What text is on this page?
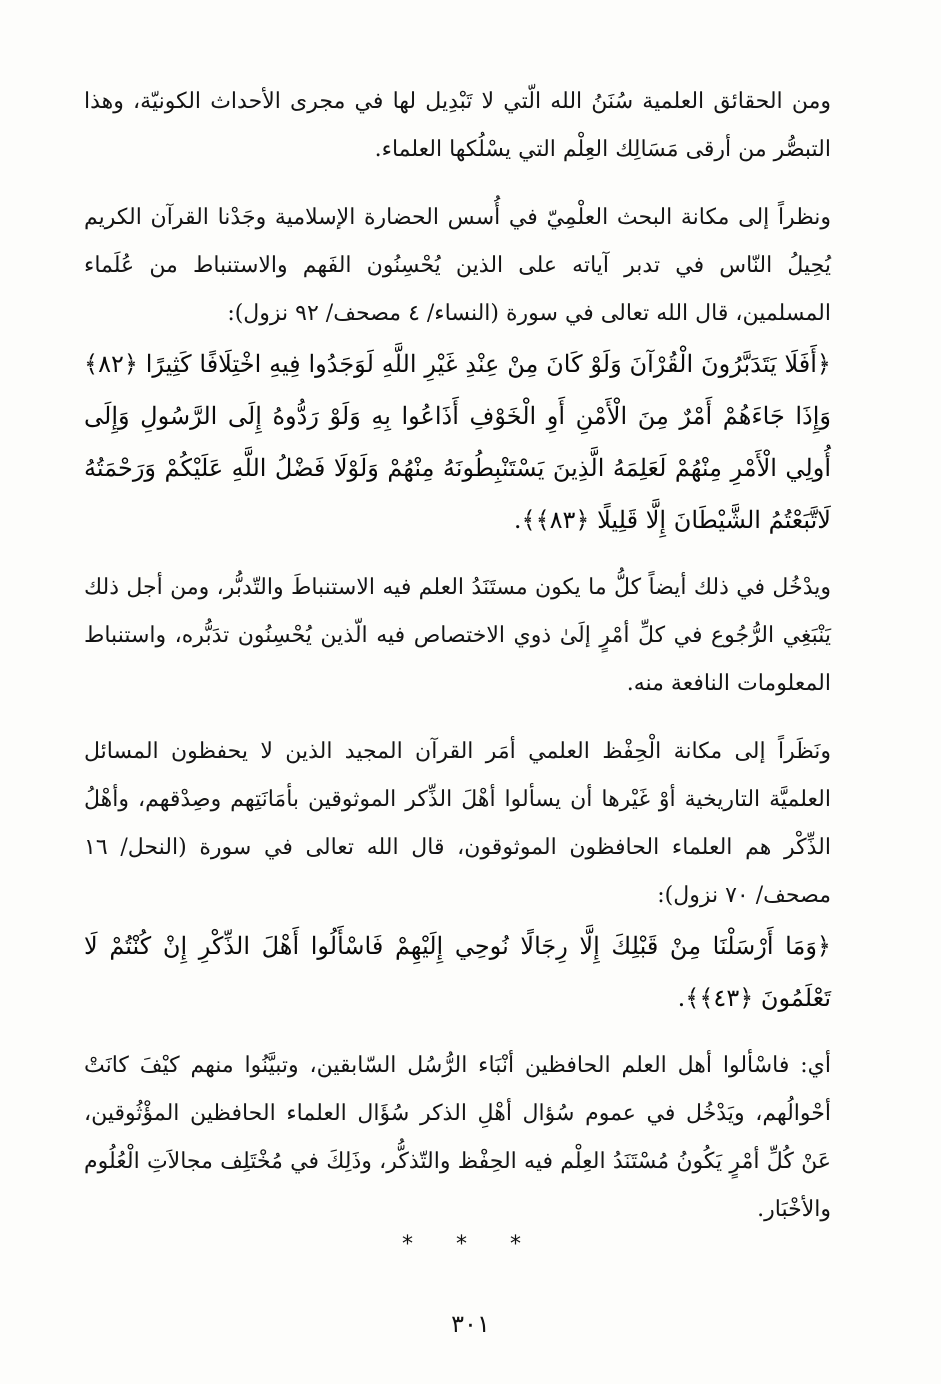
ومن الحقائق العلمية سُنَنُ الله الّتي لا تَبْدِيل لها في مجرى الأحداث الكونيّة، وهذا التبصُّر من أرقى مَسَالِك العِلْم التي يسْلُكها العلماء.

ونظراً إلى مكانة البحث العلْمِيّ في أُسس الحضارة الإسلامية وجَدْنا القرآن الكريم يُحِيلُ النّاس في تدبر آياته على الذين يُحْسِنُون الفَهم والاستنباط من عُلَماء المسلمين، قال الله تعالى في سورة (النساء/ ٤ مصحف/ ٩٢ نزول):

﴿أَفَلَا يَتَدَبَّرُونَ الْقُرْآنَ وَلَوْ كَانَ مِنْ عِنْدِ غَيْرِ اللَّهِ لَوَجَدُوا فِيهِ اخْتِلَافًا كَثِيرًا ﴿٨٢﴾ وَإِذَا جَاءَهُمْ أَمْرٌ مِنَ الْأَمْنِ أَوِ الْخَوْفِ أَذَاعُوا بِهِ وَلَوْ رَدُّوهُ إِلَى الرَّسُولِ وَإِلَى أُولِي الْأَمْرِ مِنْهُمْ لَعَلِمَهُ الَّذِينَ يَسْتَنْبِطُونَهُ مِنْهُمْ وَلَوْلَا فَضْلُ اللَّهِ عَلَيْكُمْ وَرَحْمَتُهُ لَاتَّبَعْتُمُ الشَّيْطَانَ إِلَّا قَلِيلًا ﴿٨٣﴾﴾.

ويدْخُل في ذلك أيضاً كلُّ ما يكون مستَنَدُ العلم فيه الاستنباطَ والتّدبُّر، ومن أجل ذلك يَنْبَغِي الرُّجُوع في كلِّ أمْرٍ إلَىٰ ذوي الاختصاص فيه الّذين يُحْسِنُون تدَبُّره، واستنباط المعلومات النافعة منه.

ونَظَراً إلى مكانة الْحِفْظ العلمي أمَر القرآن المجيد الذين لا يحفظون المسائل العلميَّة التاريخية أوْ غَيْرها أن يسألوا أهْلَ الذِّكر الموثوقين بأمَانَتِهم وصِدْقهم، وأهْلُ الذِّكْر هم العلماء الحافظون الموثوقون، قال الله تعالى في سورة (النحل/ ١٦ مصحف/ ٧٠ نزول):

﴿وَمَا أَرْسَلْنَا مِنْ قَبْلِكَ إِلَّا رِجَالًا نُوحِي إِلَيْهِمْ فَاسْأَلُوا أَهْلَ الذِّكْرِ إِنْ كُنْتُمْ لَا تَعْلَمُونَ ﴿٤٣﴾﴾.

أي: فاسْألوا أهل العلم الحافظين أنْبَاء الرُّسُل السّابقين، وتبيَّنُوا منهم كيْفَ كانَتْ أحْوالُهم، ويَدْخُل في عموم سُؤال أهْلِ الذكر سُؤَال العلماء الحافظين المؤْثُوقين، عَنْ كُلِّ أمْرٍ يَكُونُ مُسْتَنَدُ العِلْم فيه الحِفْظ والتّذكُّر، وذَلِكَ في مُخْتَلِف مجالاَتِ الْعُلُوم والأخْبَار.

* * *
٣٠١
